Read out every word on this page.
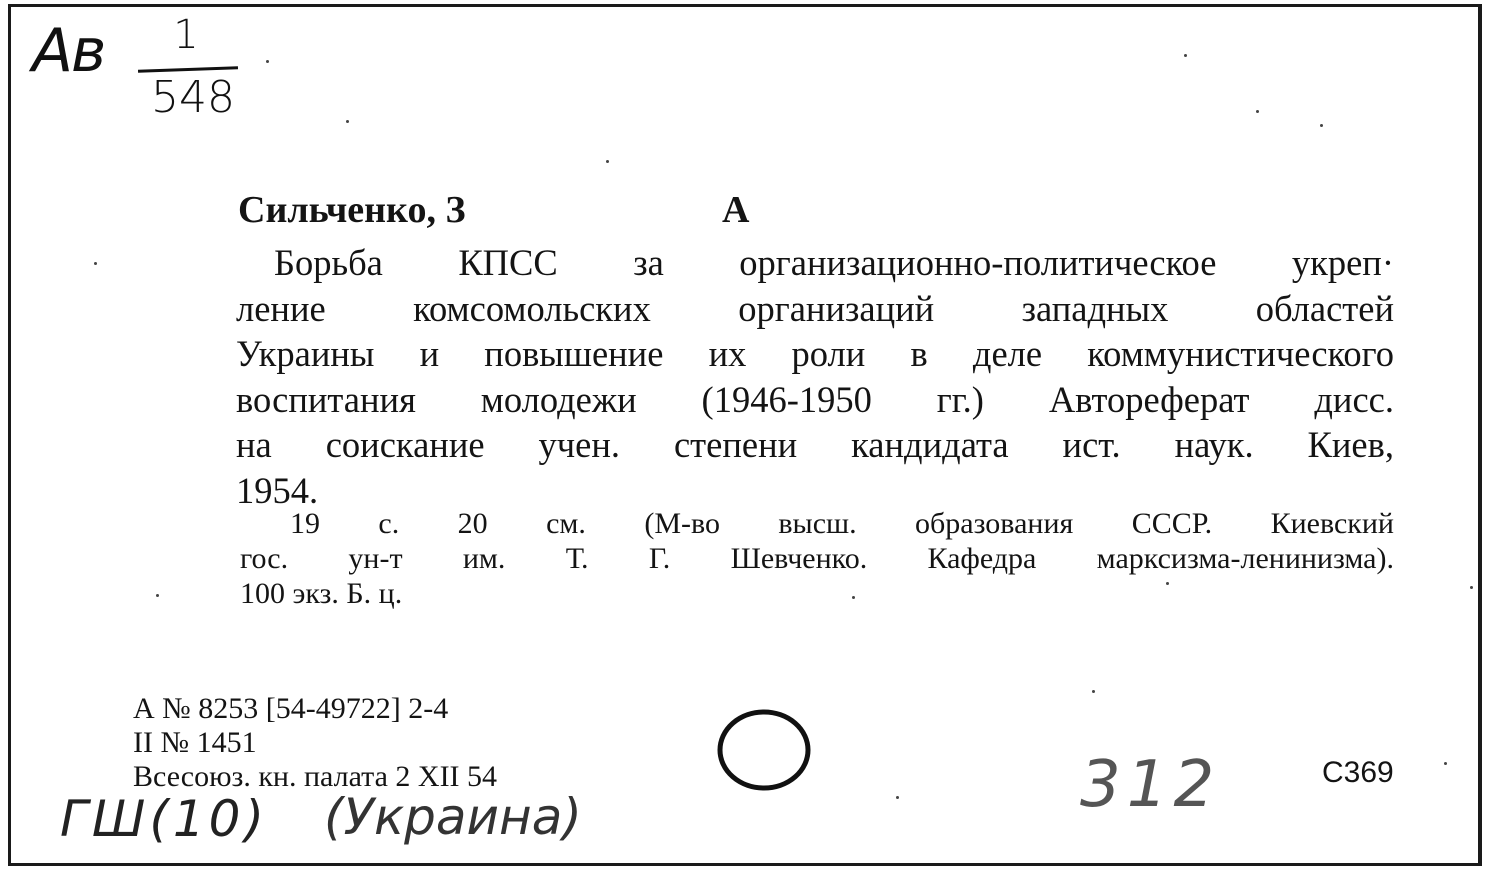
Ав	1
548
Сильченко, З	А
Борьба КПСС за организационно-политическое укреп·
ление комсомольских организаций западных областей
Украины и повышение их роли в деле коммунистического
воспитания молодежи (1946-1950 гг.) Автореферат дисс.
на соискание учен. степени кандидата ист. наук. Киев,
1954.
19 с. 20 см. (М-во высш. образования СССР. Киевский
гос. ун-т им. Т. Г. Шевченко. Кафедра марксизма-ленинизма).
100 экз. Б. ц.
А № 8253 [54-49722] 2-4
II № 1451
Всесоюз. кн. палата 2 XII 54	С369
ГШ(10) (Украина)	312
